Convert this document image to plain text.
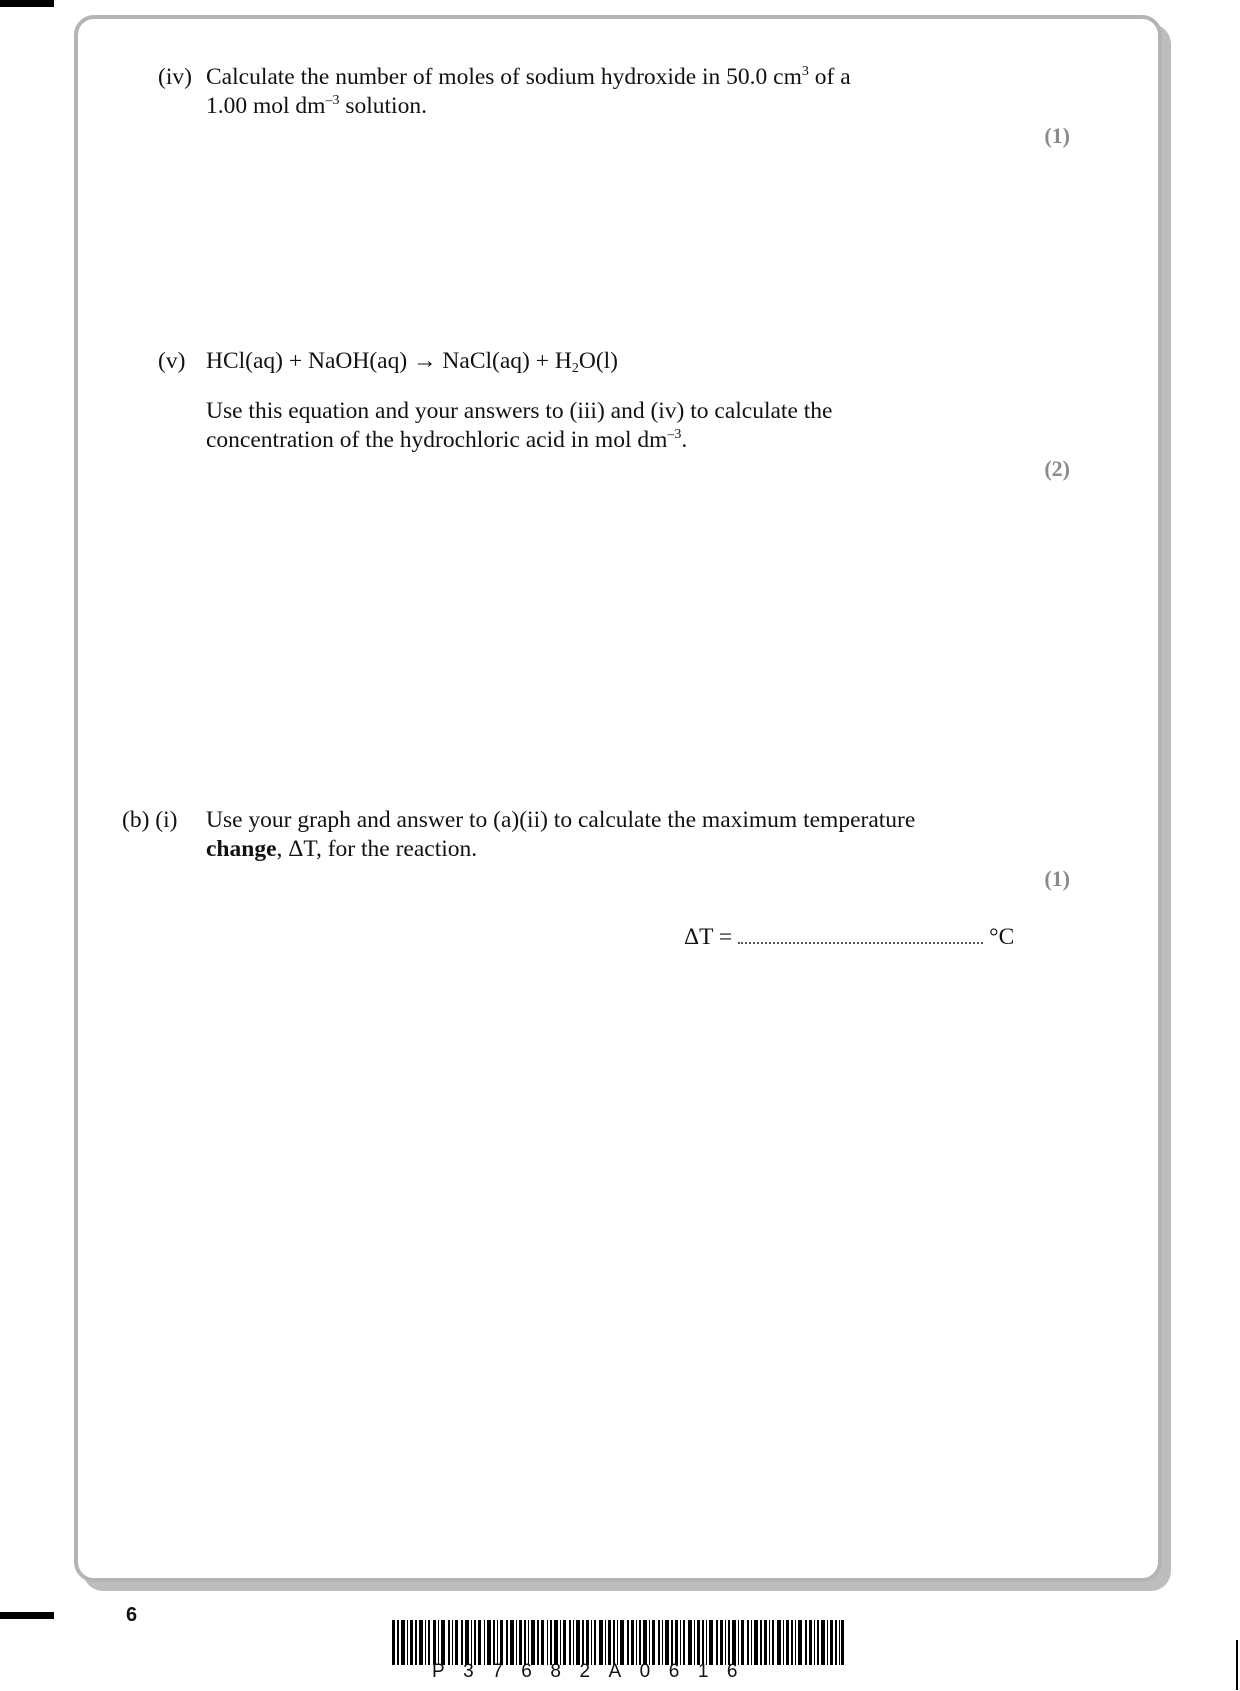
(iv) Calculate the number of moles of sodium hydroxide in 50.0 $cm^3$ of a
1.00 mol $dm^{-3}$ solution.
(1)
(v) HCl(aq) + NaOH(aq) → NaCl(aq) + $H_2O(l)$
Use this equation and your answers to (iii) and (iv) to calculate the
concentration of the hydrochloric acid in mol $dm^{-3}$.
(2)
(b) (i) Use your graph and answer to (a)(ii) to calculate the maximum temperature
change, ΔT, for the reaction.
(1)
ΔT =	°C
6
P37682A0616
